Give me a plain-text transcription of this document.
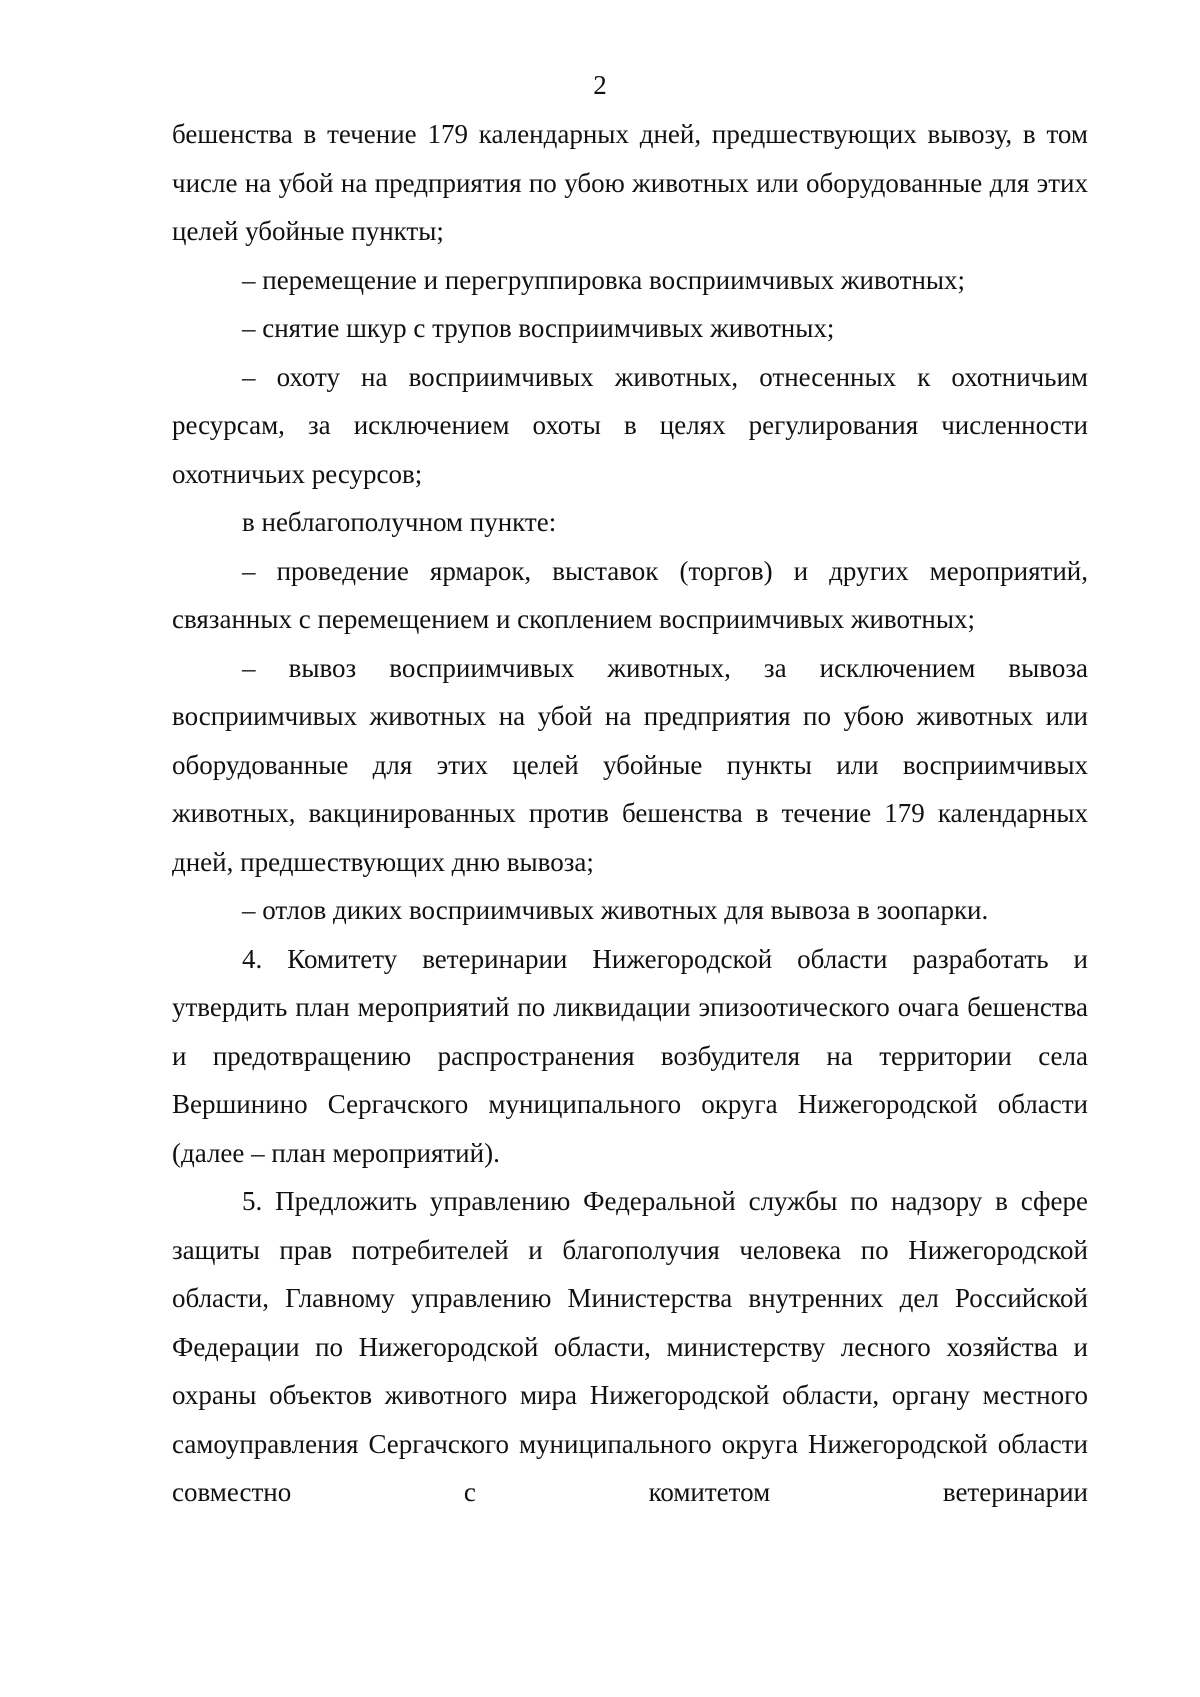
2

бешенства в течение 179 календарных дней, предшествующих вывозу, в том числе на убой на предприятия по убою животных или оборудованные для этих целей убойные пункты;

– перемещение и перегруппировка восприимчивых животных;

– снятие шкур с трупов восприимчивых животных;

– охоту на восприимчивых животных, отнесенных к охотничьим ресурсам, за исключением охоты в целях регулирования численности охотничьих ресурсов;

в неблагополучном пункте:

– проведение ярмарок, выставок (торгов) и других мероприятий, связанных с перемещением и скоплением восприимчивых животных;

– вывоз восприимчивых животных, за исключением вывоза восприимчивых животных на убой на предприятия по убою животных или оборудованные для этих целей убойные пункты или восприимчивых животных, вакцинированных против бешенства в течение 179 календарных дней, предшествующих дню вывоза;

– отлов диких восприимчивых животных для вывоза в зоопарки.

4. Комитету ветеринарии Нижегородской области разработать и утвердить план мероприятий по ликвидации эпизоотического очага бешенства и предотвращению распространения возбудителя на территории села Вершинино Сергачского муниципального округа Нижегородской области (далее – план мероприятий).

5. Предложить управлению Федеральной службы по надзору в сфере защиты прав потребителей и благополучия человека по Нижегородской области, Главному управлению Министерства внутренних дел Российской Федерации по Нижегородской области, министерству лесного хозяйства и охраны объектов животного мира Нижегородской области, органу местного самоуправления Сергачского муниципального округа Нижегородской области совместно с комитетом ветеринарии
